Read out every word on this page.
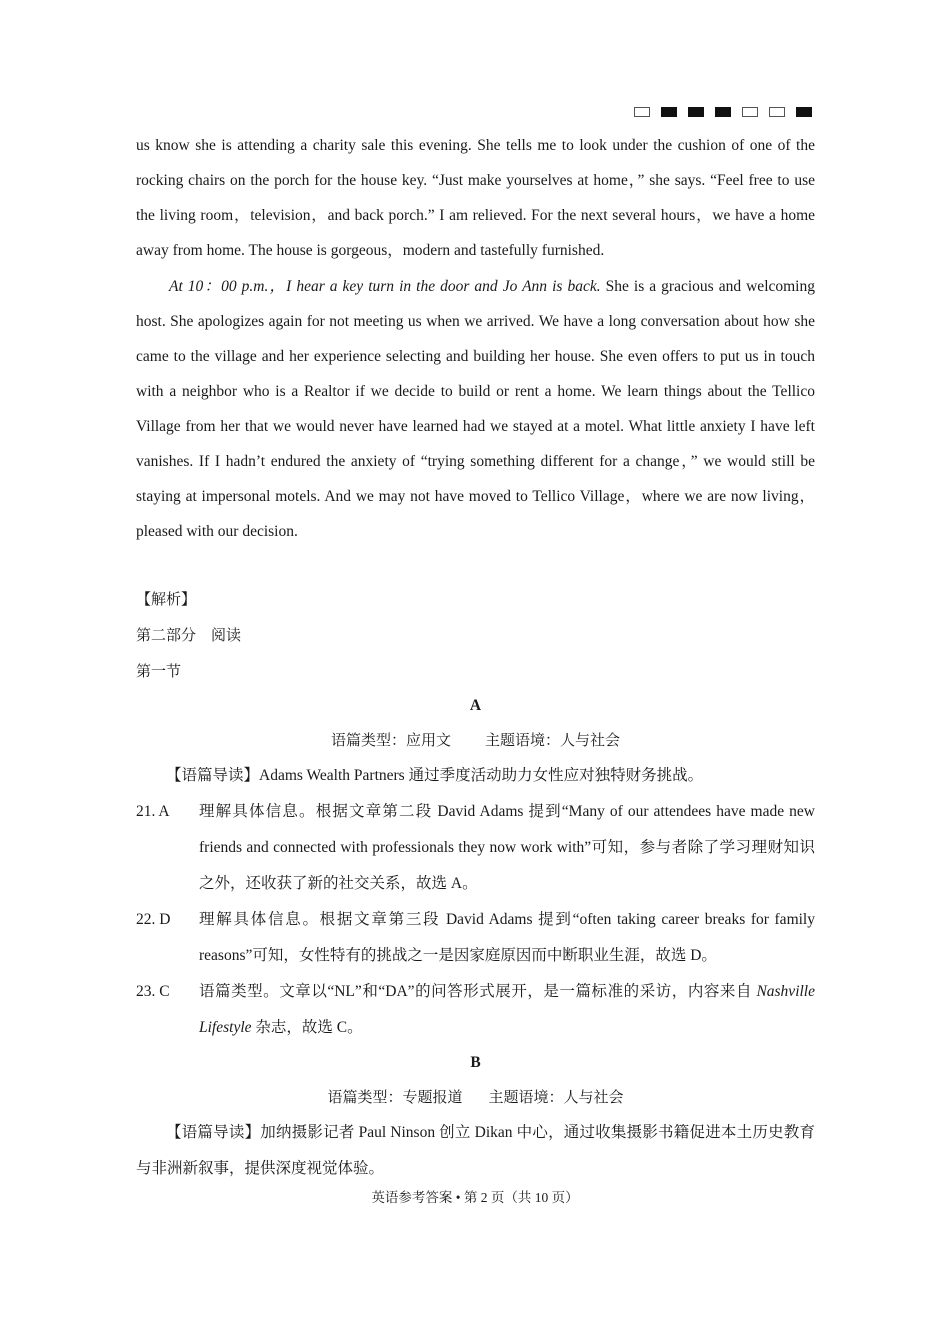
us know she is attending a charity sale this evening. She tells me to look under the cushion of one of the rocking chairs on the porch for the house key. “Just make yourselves at home，” she says. “Feel free to use the living room，television，and back porch.” I am relieved. For the next several hours，we have a home away from home. The house is gorgeous，modern and tastefully furnished.

At 10：00 p.m.，I hear a key turn in the door and Jo Ann is back. She is a gracious and welcoming host. She apologizes again for not meeting us when we arrived. We have a long conversation about how she came to the village and her experience selecting and building her house. She even offers to put us in touch with a neighbor who is a Realtor if we decide to build or rent a home. We learn things about the Tellico Village from her that we would never have learned had we stayed at a motel. What little anxiety I have left vanishes. If I hadn’t endured the anxiety of “trying something different for a change，” we would still be staying at impersonal motels. And we may not have moved to Tellico Village，where we are now living，pleased with our decision.

【解析】

第二部分　阅读

第一节

A

语篇类型：应用文 主题语境：人与社会

【语篇导读】Adams Wealth Partners 通过季度活动助力女性应对独特财务挑战。

21. A	理解具体信息。根据文章第二段 David Adams 提到“Many of our attendees have made new friends and connected with professionals they now work with”可知，参与者除了学习理财知识之外，还收获了新的社交关系，故选 A。
22. D	理解具体信息。根据文章第三段 David Adams 提到“often taking career breaks for family reasons”可知，女性特有的挑战之一是因家庭原因而中断职业生涯，故选 D。
23. C	语篇类型。文章以“NL”和“DA”的问答形式展开，是一篇标准的采访，内容来自 Nashville Lifestyle 杂志，故选 C。

B

语篇类型：专题报道 主题语境：人与社会

【语篇导读】加纳摄影记者 Paul Ninson 创立 Dikan 中心，通过收集摄影书籍促进本土历史教育与非洲新叙事，提供深度视觉体验。

英语参考答案 • 第 2 页（共 10 页）
